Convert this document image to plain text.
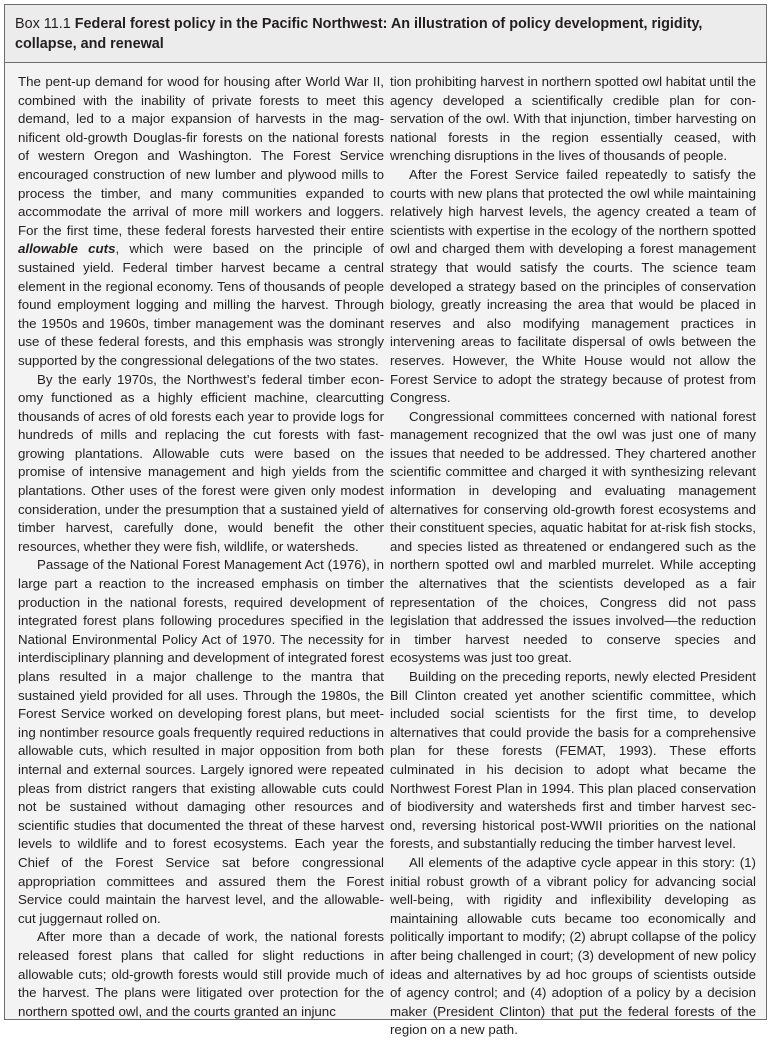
Box 11.1 Federal forest policy in the Pacific Northwest: An illustration of policy development, rigidity, collapse, and renewal

The pent-up demand for wood for housing after World War II, combined with the inability of private forests to meet this demand, led to a major expansion of harvests in the magnificent old-growth Douglas-fir forests on the national forests of western Oregon and Washington. The Forest Service encouraged construction of new lumber and plywood mills to process the timber, and many communities expanded to accommodate the arrival of more mill workers and loggers. For the first time, these federal forests harvested their entire allowable cuts, which were based on the principle of sustained yield. Federal timber harvest became a central element in the regional economy. Tens of thousands of people found employment logging and milling the harvest. Through the 1950s and 1960s, timber management was the dominant use of these federal forests, and this emphasis was strongly supported by the congressional delegations of the two states.

By the early 1970s, the Northwest’s federal timber economy functioned as a highly efficient machine, clearcutting thousands of acres of old forests each year to provide logs for hundreds of mills and replacing the cut forests with fast-growing plantations. Allowable cuts were based on the promise of intensive management and high yields from the plantations. Other uses of the forest were given only modest consideration, under the presumption that a sustained yield of timber harvest, carefully done, would benefit the other resources, whether they were fish, wildlife, or watersheds.

Passage of the National Forest Management Act (1976), in large part a reaction to the increased emphasis on timber production in the national forests, required development of integrated forest plans following procedures specified in the National Environmental Policy Act of 1970. The necessity for interdisciplinary planning and development of integrated forest plans resulted in a major challenge to the mantra that sustained yield provided for all uses. Through the 1980s, the Forest Service worked on developing forest plans, but meeting nontimber resource goals frequently required reductions in allowable cuts, which resulted in major opposition from both internal and external sources. Largely ignored were repeated pleas from district rangers that existing allowable cuts could not be sustained without damaging other resources and scientific studies that documented the threat of these harvest levels to wildlife and to forest ecosystems. Each year the Chief of the Forest Service sat before congressional appropriation committees and assured them the Forest Service could maintain the harvest level, and the allowable-cut juggernaut rolled on.

After more than a decade of work, the national forests released forest plans that called for slight reductions in allowable cuts; old-growth forests would still provide much of the harvest. The plans were litigated over protection for the northern spotted owl, and the courts granted an injunc

tion prohibiting harvest in northern spotted owl habitat until the agency developed a scientifically credible plan for conservation of the owl. With that injunction, timber harvesting on national forests in the region essentially ceased, with wrenching disruptions in the lives of thousands of people.

After the Forest Service failed repeatedly to satisfy the courts with new plans that protected the owl while maintaining relatively high harvest levels, the agency created a team of scientists with expertise in the ecology of the northern spotted owl and charged them with developing a forest management strategy that would satisfy the courts. The science team developed a strategy based on the principles of conservation biology, greatly increasing the area that would be placed in reserves and also modifying management practices in intervening areas to facilitate dispersal of owls between the reserves. However, the White House would not allow the Forest Service to adopt the strategy because of protest from Congress.

Congressional committees concerned with national forest management recognized that the owl was just one of many issues that needed to be addressed. They chartered another scientific committee and charged it with synthesizing relevant information in developing and evaluating management alternatives for conserving old-growth forest ecosystems and their constituent species, aquatic habitat for at-risk fish stocks, and species listed as threatened or endangered such as the northern spotted owl and marbled murrelet. While accepting the alternatives that the scientists developed as a fair representation of the choices, Congress did not pass legislation that addressed the issues involved—the reduction in timber harvest needed to conserve species and ecosystems was just too great.

Building on the preceding reports, newly elected President Bill Clinton created yet another scientific committee, which included social scientists for the first time, to develop alternatives that could provide the basis for a comprehensive plan for these forests (FEMAT, 1993). These efforts culminated in his decision to adopt what became the Northwest Forest Plan in 1994. This plan placed conservation of biodiversity and watersheds first and timber harvest second, reversing historical post-WWII priorities on the national forests, and substantially reducing the timber harvest level.

All elements of the adaptive cycle appear in this story: (1) initial robust growth of a vibrant policy for advancing social well-being, with rigidity and inflexibility developing as maintaining allowable cuts became too economically and politically important to modify; (2) abrupt collapse of the policy after being challenged in court; (3) development of new policy ideas and alternatives by ad hoc groups of scientists outside of agency control; and (4) adoption of a policy by a decision maker (President Clinton) that put the federal forests of the region on a new path.
